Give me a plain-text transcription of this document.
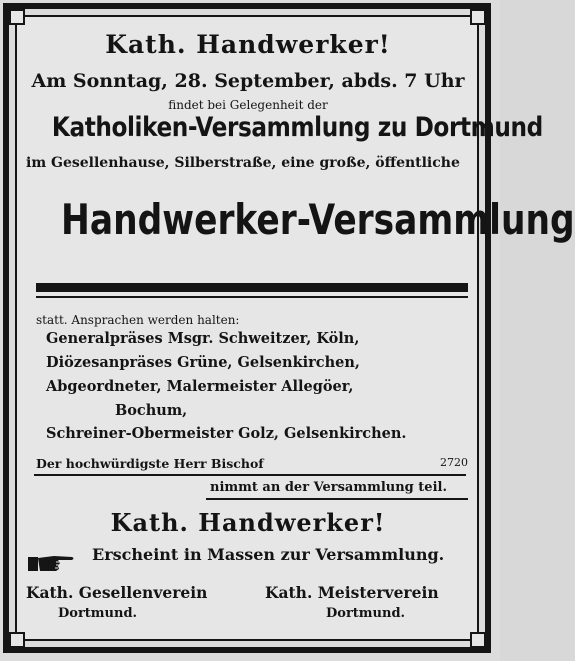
Kath. Handwerker!
Am Sonntag, 28. September, abds. 7 Uhr
findet bei Gelegenheit der
Katholiken-Versammlung zu Dortmund
im Gesellenhause, Silberstraße, eine große, öffentliche
Handwerker-Versammlung
statt. Ansprachen werden halten:
Generalpräses Msgr. Schweitzer, Köln,
Diözesanpräses Grüne, Gelsenkirchen,
Abgeordneter, Malermeister Allegöer,
Bochum,
Schreiner-Obermeister Golz, Gelsenkirchen.
Der hochwürdigste Herr Bischof	2720
nimmt an der Versammlung teil.
Kath. Handwerker!
Erscheint in Massen zur Versammlung.
Kath. Gesellenverein
Dortmund.
Kath. Meisterverein
Dortmund.
